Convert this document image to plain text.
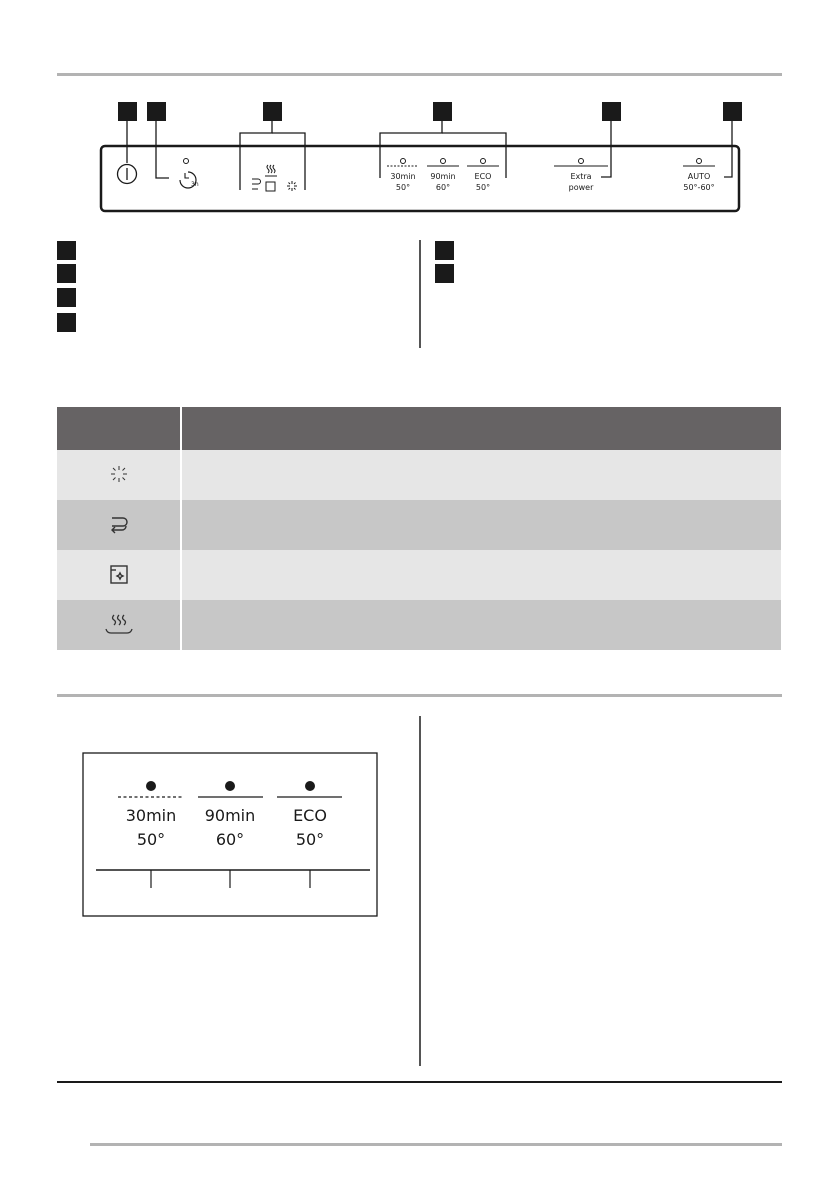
3h
30min
50°
90min
60°
ECO
50°
Extra
power
AUTO
50°-60°

30min
50°
90min
60°
ECO
50°
